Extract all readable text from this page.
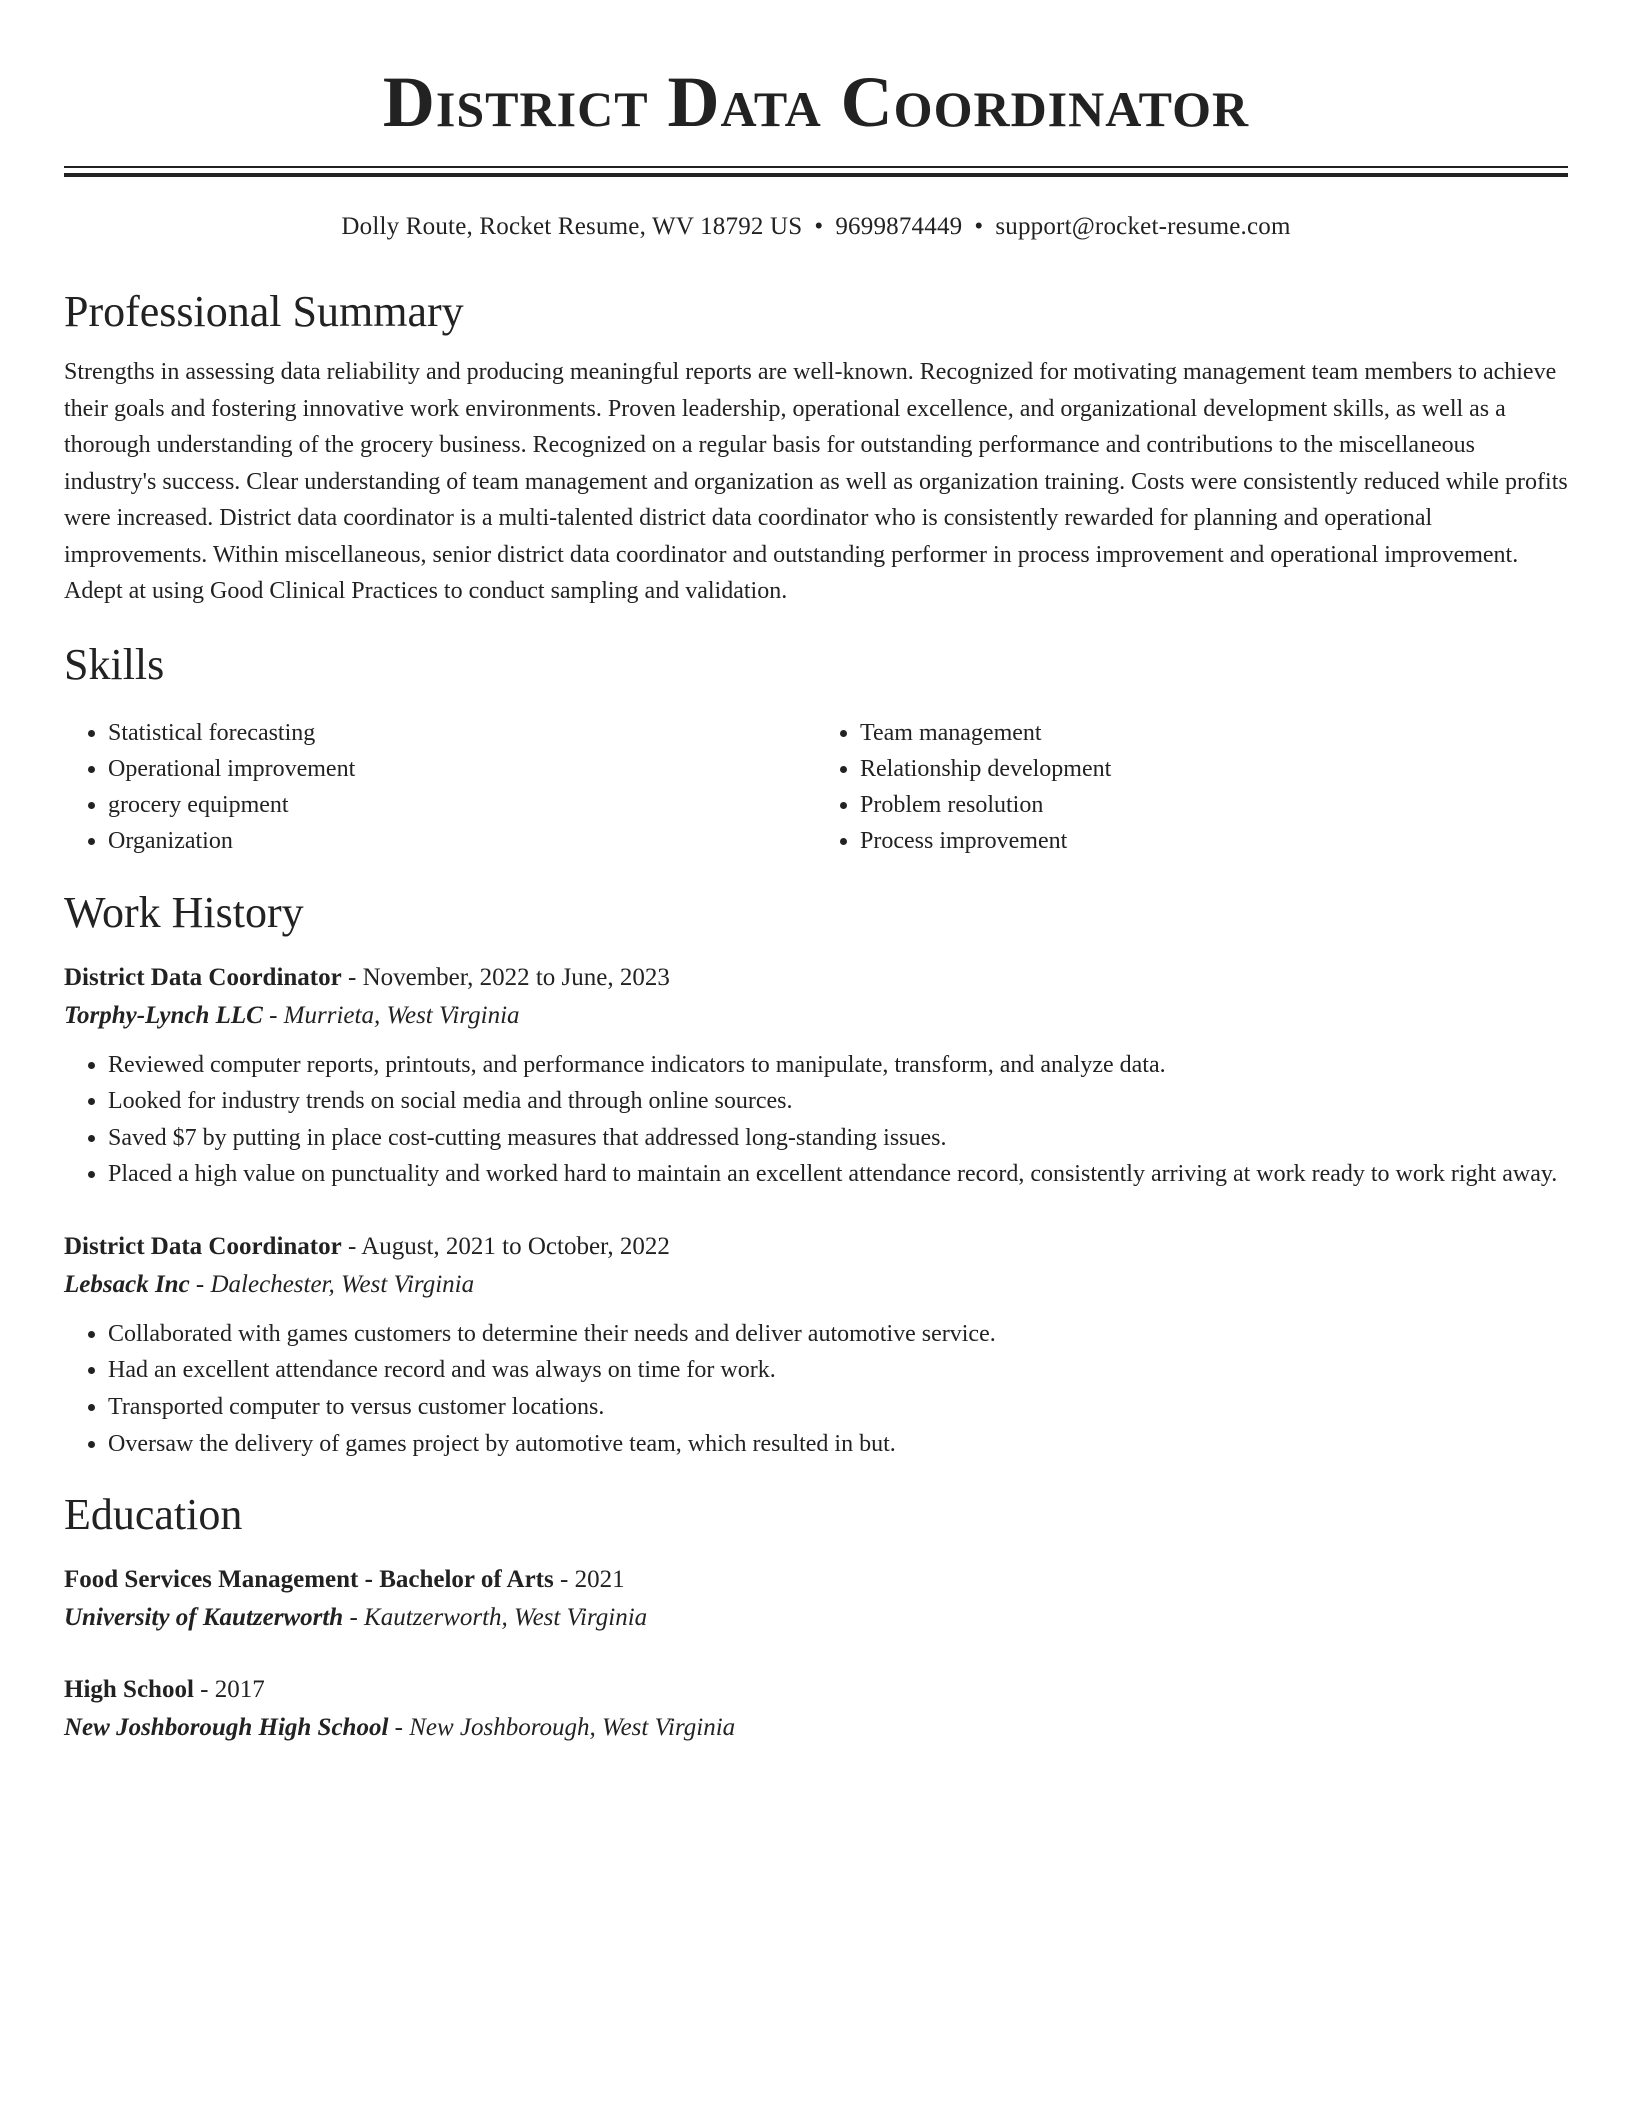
District Data Coordinator
Dolly Route, Rocket Resume, WV 18792 US • 9699874449 • support@rocket-resume.com
Professional Summary

Strengths in assessing data reliability and producing meaningful reports are well-known. Recognized for motivating management team members to achieve their goals and fostering innovative work environments. Proven leadership, operational excellence, and organizational development skills, as well as a thorough understanding of the grocery business. Recognized on a regular basis for outstanding performance and contributions to the miscellaneous industry's success. Clear understanding of team management and organization as well as organization training. Costs were consistently reduced while profits were increased. District data coordinator is a multi-talented district data coordinator who is consistently rewarded for planning and operational improvements. Within miscellaneous, senior district data coordinator and outstanding performer in process improvement and operational improvement. Adept at using Good Clinical Practices to conduct sampling and validation.

Skills
• Statistical forecasting
• Operational improvement
• grocery equipment
• Organization
• Team management
• Relationship development
• Problem resolution
• Process improvement
Work History
District Data Coordinator - November, 2022 to June, 2023
Torphy-Lynch LLC - Murrieta, West Virginia
• Reviewed computer reports, printouts, and performance indicators to manipulate, transform, and analyze data.
• Looked for industry trends on social media and through online sources.
• Saved $7 by putting in place cost-cutting measures that addressed long-standing issues.
• Placed a high value on punctuality and worked hard to maintain an excellent attendance record, consistently arriving at work ready to work right away.
District Data Coordinator - August, 2021 to October, 2022
Lebsack Inc - Dalechester, West Virginia
• Collaborated with games customers to determine their needs and deliver automotive service.
• Had an excellent attendance record and was always on time for work.
• Transported computer to versus customer locations.
• Oversaw the delivery of games project by automotive team, which resulted in but.
Education
Food Services Management - Bachelor of Arts - 2021
University of Kautzerworth - Kautzerworth, West Virginia
High School - 2017
New Joshborough High School - New Joshborough, West Virginia
